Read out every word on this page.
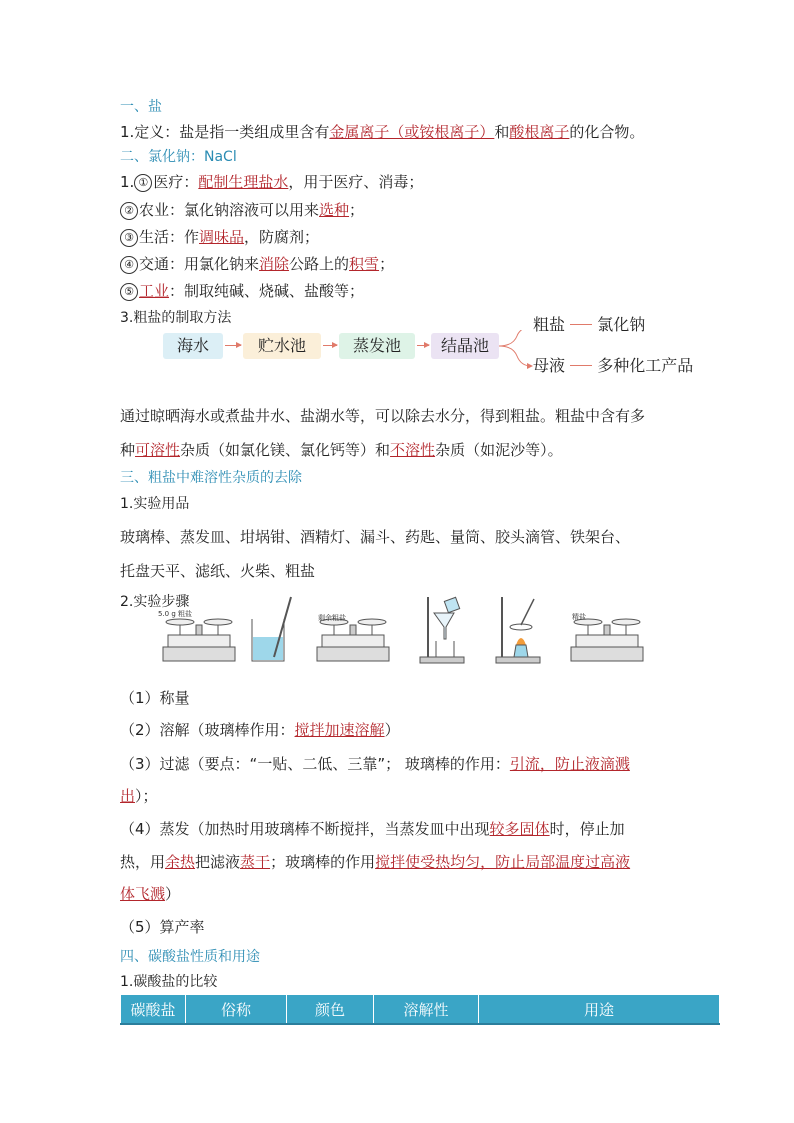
一、盐
1.定义：盐是指一类组成里含有金属离子（或铵根离子）和酸根离子的化合物。
二、氯化钠：NaCl
1. ① 医疗：配制生理盐水，用于医疗、消毒；
② 农业：氯化钠溶液可以用来选种；
③ 生活：作调味品，防腐剂；
④ 交通：用氯化钠来消除公路上的积雪；
⑤ 工业：制取纯碱、烧碱、盐酸等；
3.粗盐的制取方法
海水	贮水池	蒸发池	结晶池
粗盐 氯化钠
母液 多种化工产品
通过晾晒海水或煮盐井水、盐湖水等，可以除去水分，得到粗盐。粗盐中含有多
种可溶性杂质（如氯化镁、氯化钙等）和不溶性杂质（如泥沙等）。
三、粗盐中难溶性杂质的去除
1.实验用品
玻璃棒、蒸发皿、坩埚钳、酒精灯、漏斗、药匙、量筒、胶头滴管、铁架台、
托盘天平、滤纸、火柴、粗盐
2.实验步骤
5.0 g 粗盐	剩余粗盐	精盐
（1）称量
（2）溶解（玻璃棒作用：搅拌加速溶解）
（3）过滤（要点：“一贴、二低、三靠”； 玻璃棒的作用：引流，防止液滴溅
出）；
（4）蒸发（加热时用玻璃棒不断搅拌，当蒸发皿中出现较多固体时，停止加
热，用余热把滤液蒸干；玻璃棒的作用搅拌使受热均匀，防止局部温度过高液
体飞溅）
（5）算产率
四、碳酸盐性质和用途
1.碳酸盐的比较
碳酸盐	俗称	颜色	溶解性	用途
